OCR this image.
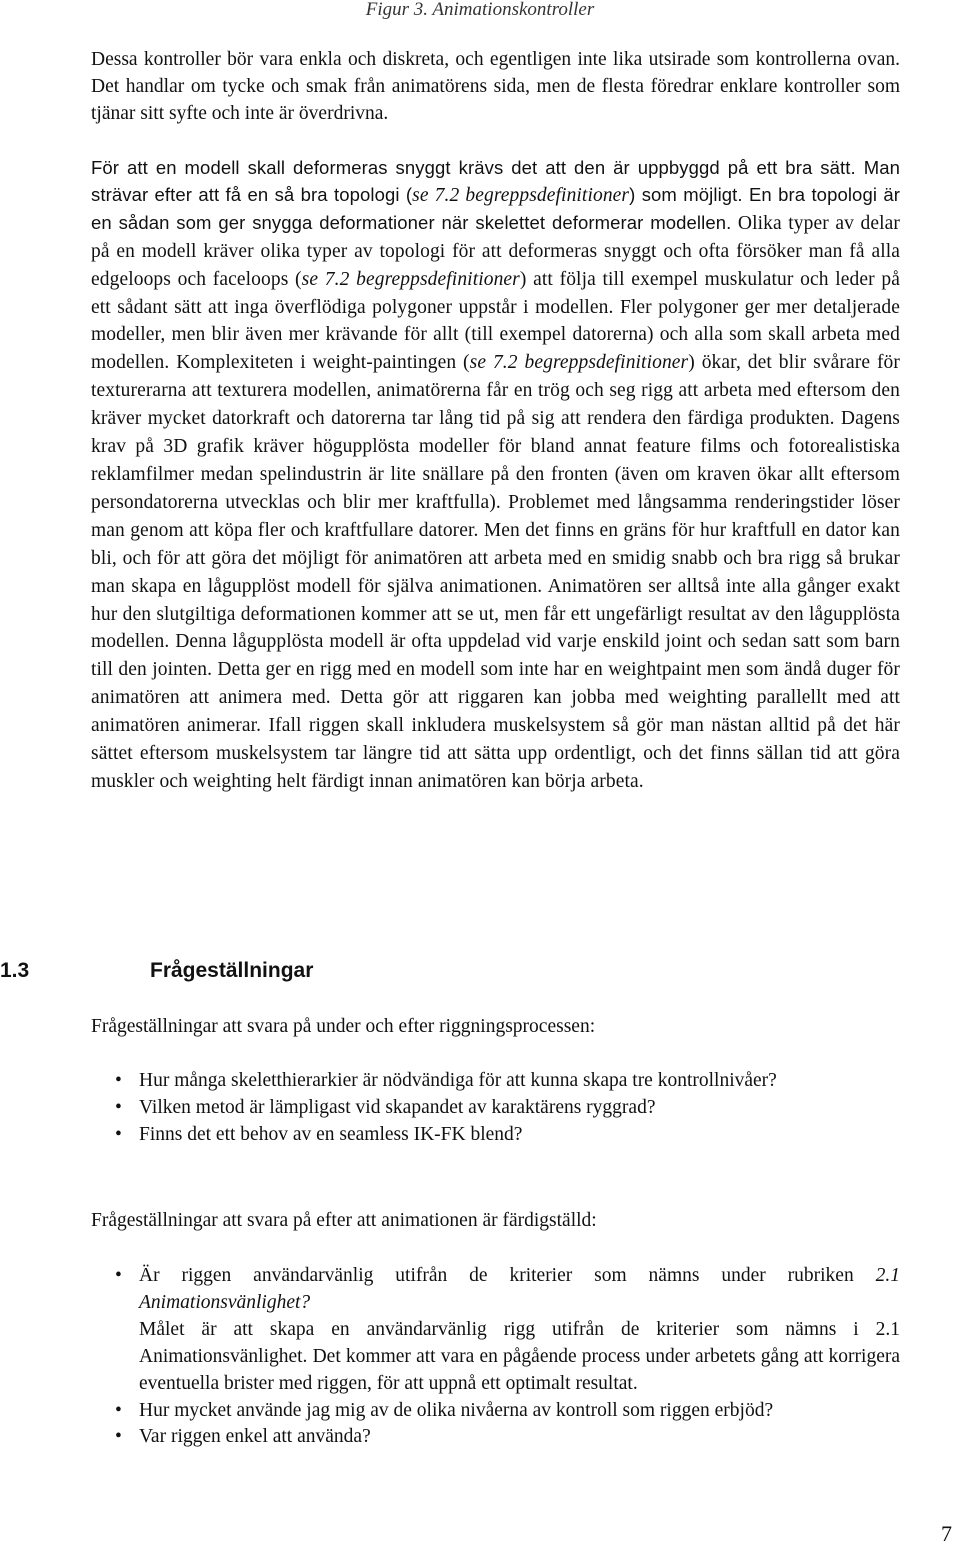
Figur 3. Animationskontroller

Dessa kontroller bör vara enkla och diskreta, och egentligen inte lika utsirade som kontrollerna ovan. Det handlar om tycke och smak från animatörens sida, men de flesta föredrar enklare kontroller som tjänar sitt syfte och inte är överdrivna.

För att en modell skall deformeras snyggt krävs det att den är uppbyggd på ett bra sätt. Man strävar efter att få en så bra topologi (se 7.2 begreppsdefinitioner) som möjligt. En bra topologi är en sådan som ger snygga deformationer när skelettet deformerar modellen. Olika typer av delar på en modell kräver olika typer av topologi för att deformeras snyggt och ofta försöker man få alla edgeloops och faceloops (se 7.2 begreppsdefinitioner) att följa till exempel muskulatur och leder på ett sådant sätt att inga överflödiga polygoner uppstår i modellen. Fler polygoner ger mer detaljerade modeller, men blir även mer krävande för allt (till exempel datorerna) och alla som skall arbeta med modellen. Komplexiteten i weight-paintingen (se 7.2 begreppsdefinitioner) ökar, det blir svårare för texturerarna att texturera modellen, animatörerna får en trög och seg rigg att arbeta med eftersom den kräver mycket datorkraft och datorerna tar lång tid på sig att rendera den färdiga produkten. Dagens krav på 3D grafik kräver högupplösta modeller för bland annat feature films och fotorealistiska reklamfilmer medan spelindustrin är lite snällare på den fronten (även om kraven ökar allt eftersom persondatorerna utvecklas och blir mer kraftfulla). Problemet med långsamma renderingstider löser man genom att köpa fler och kraftfullare datorer. Men det finns en gräns för hur kraftfull en dator kan bli, och för att göra det möjligt för animatören att arbeta med en smidig snabb och bra rigg så brukar man skapa en lågupplöst modell för själva animationen. Animatören ser alltså inte alla gånger exakt hur den slutgiltiga deformationen kommer att se ut, men får ett ungefärligt resultat av den lågupplösta modellen. Denna lågupplösta modell är ofta uppdelad vid varje enskild joint och sedan satt som barn till den jointen. Detta ger en rigg med en modell som inte har en weightpaint men som ändå duger för animatören att animera med. Detta gör att riggaren kan jobba med weighting parallellt med att animatören animerar. Ifall riggen skall inkludera muskelsystem så gör man nästan alltid på det här sättet eftersom muskelsystem tar längre tid att sätta upp ordentligt, och det finns sällan tid att göra muskler och weighting helt färdigt innan animatören kan börja arbeta.

1.3	Frågeställningar

Frågeställningar att svara på under och efter riggningsprocessen:

• Hur många skeletthierarkier är nödvändiga för att kunna skapa tre kontrollnivåer?
• Vilken metod är lämpligast vid skapandet av karaktärens ryggrad?
• Finns det ett behov av en seamless IK-FK blend?

Frågeställningar att svara på efter att animationen är färdigställd:

• Är riggen användarvänlig utifrån de kriterier som nämns under rubriken 2.1 Animationsvänlighet?
Målet är att skapa en användarvänlig rigg utifrån de kriterier som nämns i 2.1 Animationsvänlighet. Det kommer att vara en pågående process under arbetets gång att korrigera eventuella brister med riggen, för att uppnå ett optimalt resultat.
• Hur mycket använde jag mig av de olika nivåerna av kontroll som riggen erbjöd?
• Var riggen enkel att använda?
7
